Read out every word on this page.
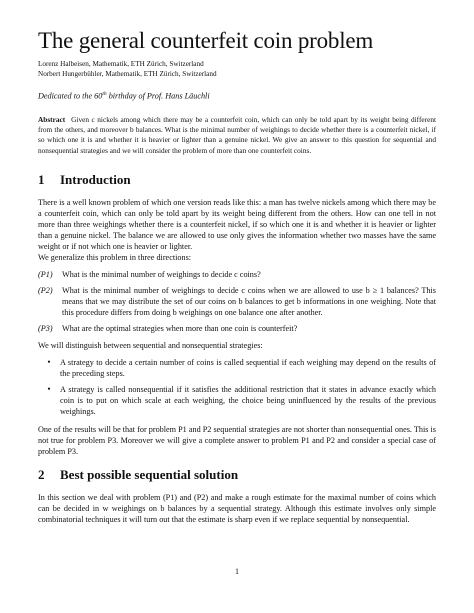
The general counterfeit coin problem
Lorenz Halbeisen, Mathematik, ETH Zürich, Switzerland
Norbert Hungerbühler, Mathematik, ETH Zürich, Switzerland
Dedicated to the 60th birthday of Prof. Hans Läuchli
Abstract Given c nickels among which there may be a counterfeit coin, which can only be told apart by its weight being different from the others, and moreover b balances. What is the minimal number of weighings to decide whether there is a counterfeit nickel, if so which one it is and whether it is heavier or lighter than a genuine nickel. We give an answer to this question for sequential and nonsequential strategies and we will consider the problem of more than one counterfeit coins.
1 Introduction

There is a well known problem of which one version reads like this: a man has twelve nickels among which there may be a counterfeit coin, which can only be told apart by its weight being different from the others. How can one tell in not more than three weighings whether there is a counterfeit nickel, if so which one it is and whether it is heavier or lighter than a genuine nickel. The balance we are allowed to use only gives the information whether two masses have the same weight or if not which one is heavier or lighter.

We generalize this problem in three directions:

(P1)	What is the minimal number of weighings to decide c coins?
(P2)	What is the minimal number of weighings to decide c coins when we are allowed to use b ≥ 1 balances? This means that we may distribute the set of our coins on b balances to get b informations in one weighing. Note that this procedure differs from doing b weighings on one balance one after another.
(P3)	What are the optimal strategies when more than one coin is counterfeit?

We will distinguish between sequential and nonsequential strategies:

•	A strategy to decide a certain number of coins is called sequential if each weighing may depend on the results of the preceding steps.
•	A strategy is called nonsequential if it satisfies the additional restriction that it states in advance exactly which coin is to put on which scale at each weighing, the choice being uninfluenced by the results of the previous weighings.

One of the results will be that for problem P1 and P2 sequential strategies are not shorter than nonsequential ones. This is not true for problem P3. Moreover we will give a complete answer to problem P1 and P2 and consider a special case of problem P3.

2 Best possible sequential solution

In this section we deal with problem (P1) and (P2) and make a rough estimate for the maximal number of coins which can be decided in w weighings on b balances by a sequential strategy. Although this estimate involves only simple combinatorial techniques it will turn out that the estimate is sharp even if we replace sequential by nonsequential.

1
